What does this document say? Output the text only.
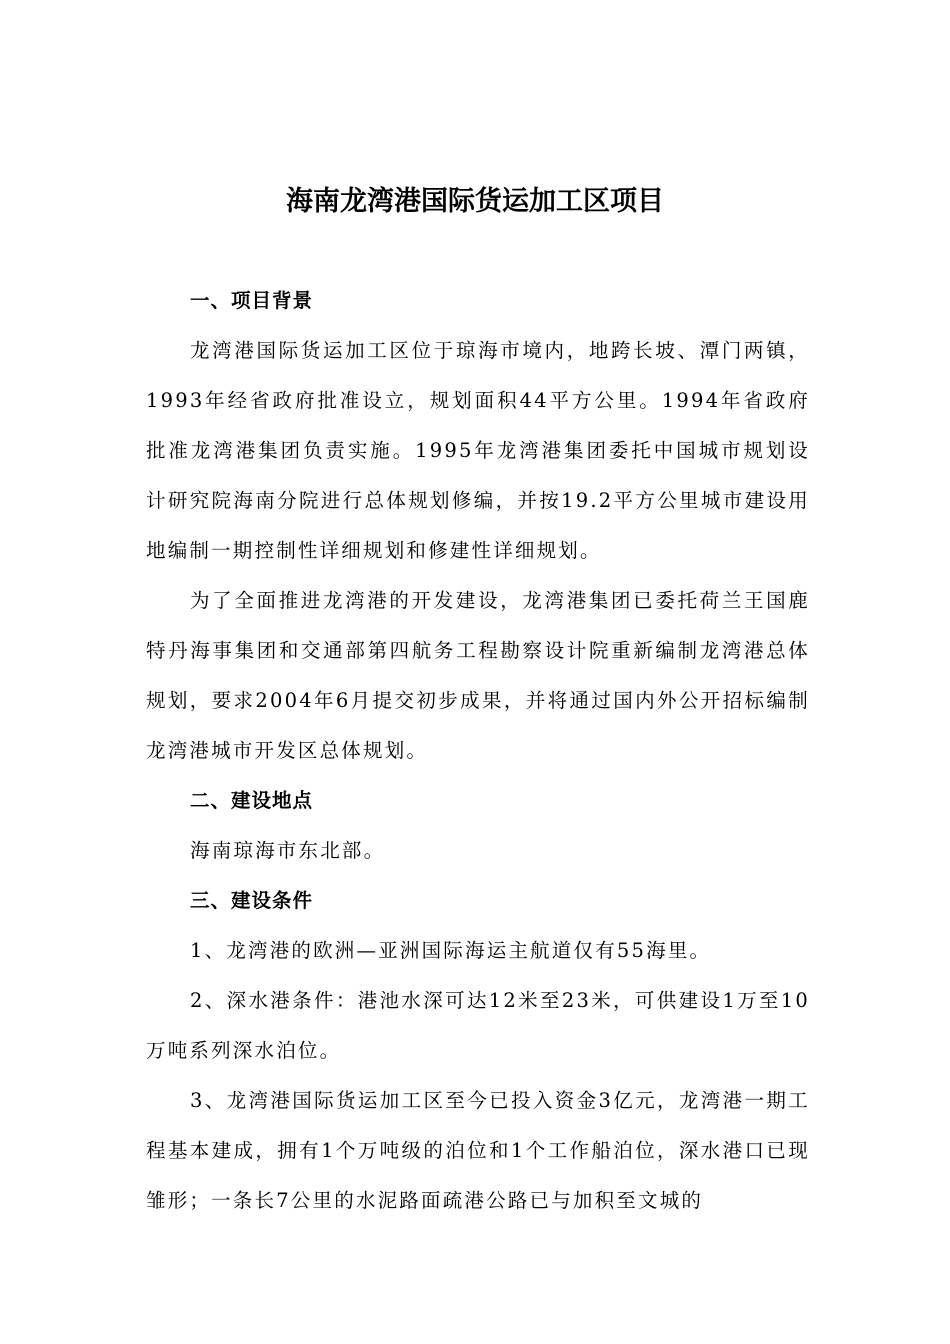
海南龙湾港国际货运加工区项目

一、项目背景

龙湾港国际货运加工区位于琼海市境内，地跨长坡、潭门两镇，1993年经省政府批准设立，规划面积44平方公里。1994年省政府批准龙湾港集团负责实施。1995年龙湾港集团委托中国城市规划设计研究院海南分院进行总体规划修编，并按19.2平方公里城市建设用地编制一期控制性详细规划和修建性详细规划。

为了全面推进龙湾港的开发建设，龙湾港集团已委托荷兰王国鹿特丹海事集团和交通部第四航务工程勘察设计院重新编制龙湾港总体规划，要求2004年6月提交初步成果，并将通过国内外公开招标编制龙湾港城市开发区总体规划。

二、建设地点

海南琼海市东北部。

三、建设条件

1、龙湾港的欧洲—亚洲国际海运主航道仅有55海里。

2、深水港条件：港池水深可达12米至23米，可供建设1万至10万吨系列深水泊位。

3、龙湾港国际货运加工区至今已投入资金3亿元，龙湾港一期工程基本建成，拥有1个万吨级的泊位和1个工作船泊位，深水港口已现雏形；一条长7公里的水泥路面疏港公路已与加积至文城的
